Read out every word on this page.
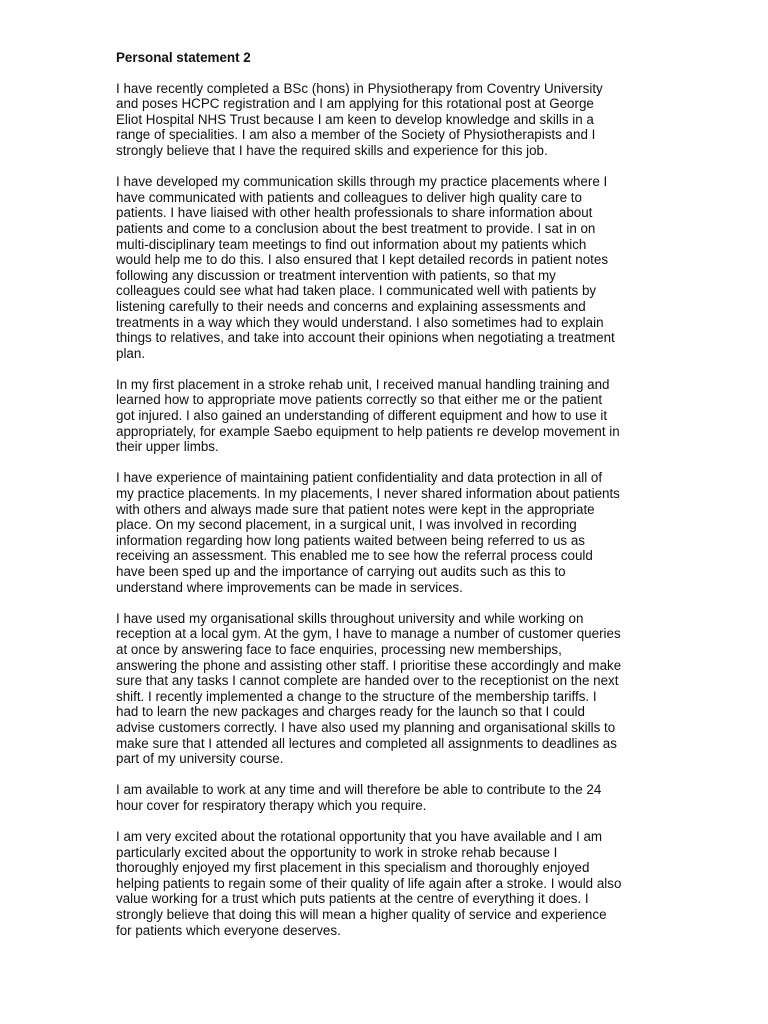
Personal statement 2
I have recently completed a BSc (hons) in Physiotherapy from Coventry University
and poses HCPC registration and I am applying for this rotational post at George
Eliot Hospital NHS Trust because I am keen to develop knowledge and skills in a
range of specialities. I am also a member of the Society of Physiotherapists and I
strongly believe that I have the required skills and experience for this job.
I have developed my communication skills through my practice placements where I
have communicated with patients and colleagues to deliver high quality care to
patients. I have liaised with other health professionals to share information about
patients and come to a conclusion about the best treatment to provide. I sat in on
multi-disciplinary team meetings to find out information about my patients which
would help me to do this. I also ensured that I kept detailed records in patient notes
following any discussion or treatment intervention with patients, so that my
colleagues could see what had taken place. I communicated well with patients by
listening carefully to their needs and concerns and explaining assessments and
treatments in a way which they would understand. I also sometimes had to explain
things to relatives, and take into account their opinions when negotiating a treatment
plan.
In my first placement in a stroke rehab unit, I received manual handling training and
learned how to appropriate move patients correctly so that either me or the patient
got injured. I also gained an understanding of different equipment and how to use it
appropriately, for example Saebo equipment to help patients re develop movement in
their upper limbs.
I have experience of maintaining patient confidentiality and data protection in all of
my practice placements. In my placements, I never shared information about patients
with others and always made sure that patient notes were kept in the appropriate
place. On my second placement, in a surgical unit, I was involved in recording
information regarding how long patients waited between being referred to us as
receiving an assessment. This enabled me to see how the referral process could
have been sped up and the importance of carrying out audits such as this to
understand where improvements can be made in services.
I have used my organisational skills throughout university and while working on
reception at a local gym. At the gym, I have to manage a number of customer queries
at once by answering face to face enquiries, processing new memberships,
answering the phone and assisting other staff. I prioritise these accordingly and make
sure that any tasks I cannot complete are handed over to the receptionist on the next
shift. I recently implemented a change to the structure of the membership tariffs. I
had to learn the new packages and charges ready for the launch so that I could
advise customers correctly. I have also used my planning and organisational skills to
make sure that I attended all lectures and completed all assignments to deadlines as
part of my university course.
I am available to work at any time and will therefore be able to contribute to the 24
hour cover for respiratory therapy which you require.
I am very excited about the rotational opportunity that you have available and I am
particularly excited about the opportunity to work in stroke rehab because I
thoroughly enjoyed my first placement in this specialism and thoroughly enjoyed
helping patients to regain some of their quality of life again after a stroke. I would also
value working for a trust which puts patients at the centre of everything it does. I
strongly believe that doing this will mean a higher quality of service and experience
for patients which everyone deserves.
